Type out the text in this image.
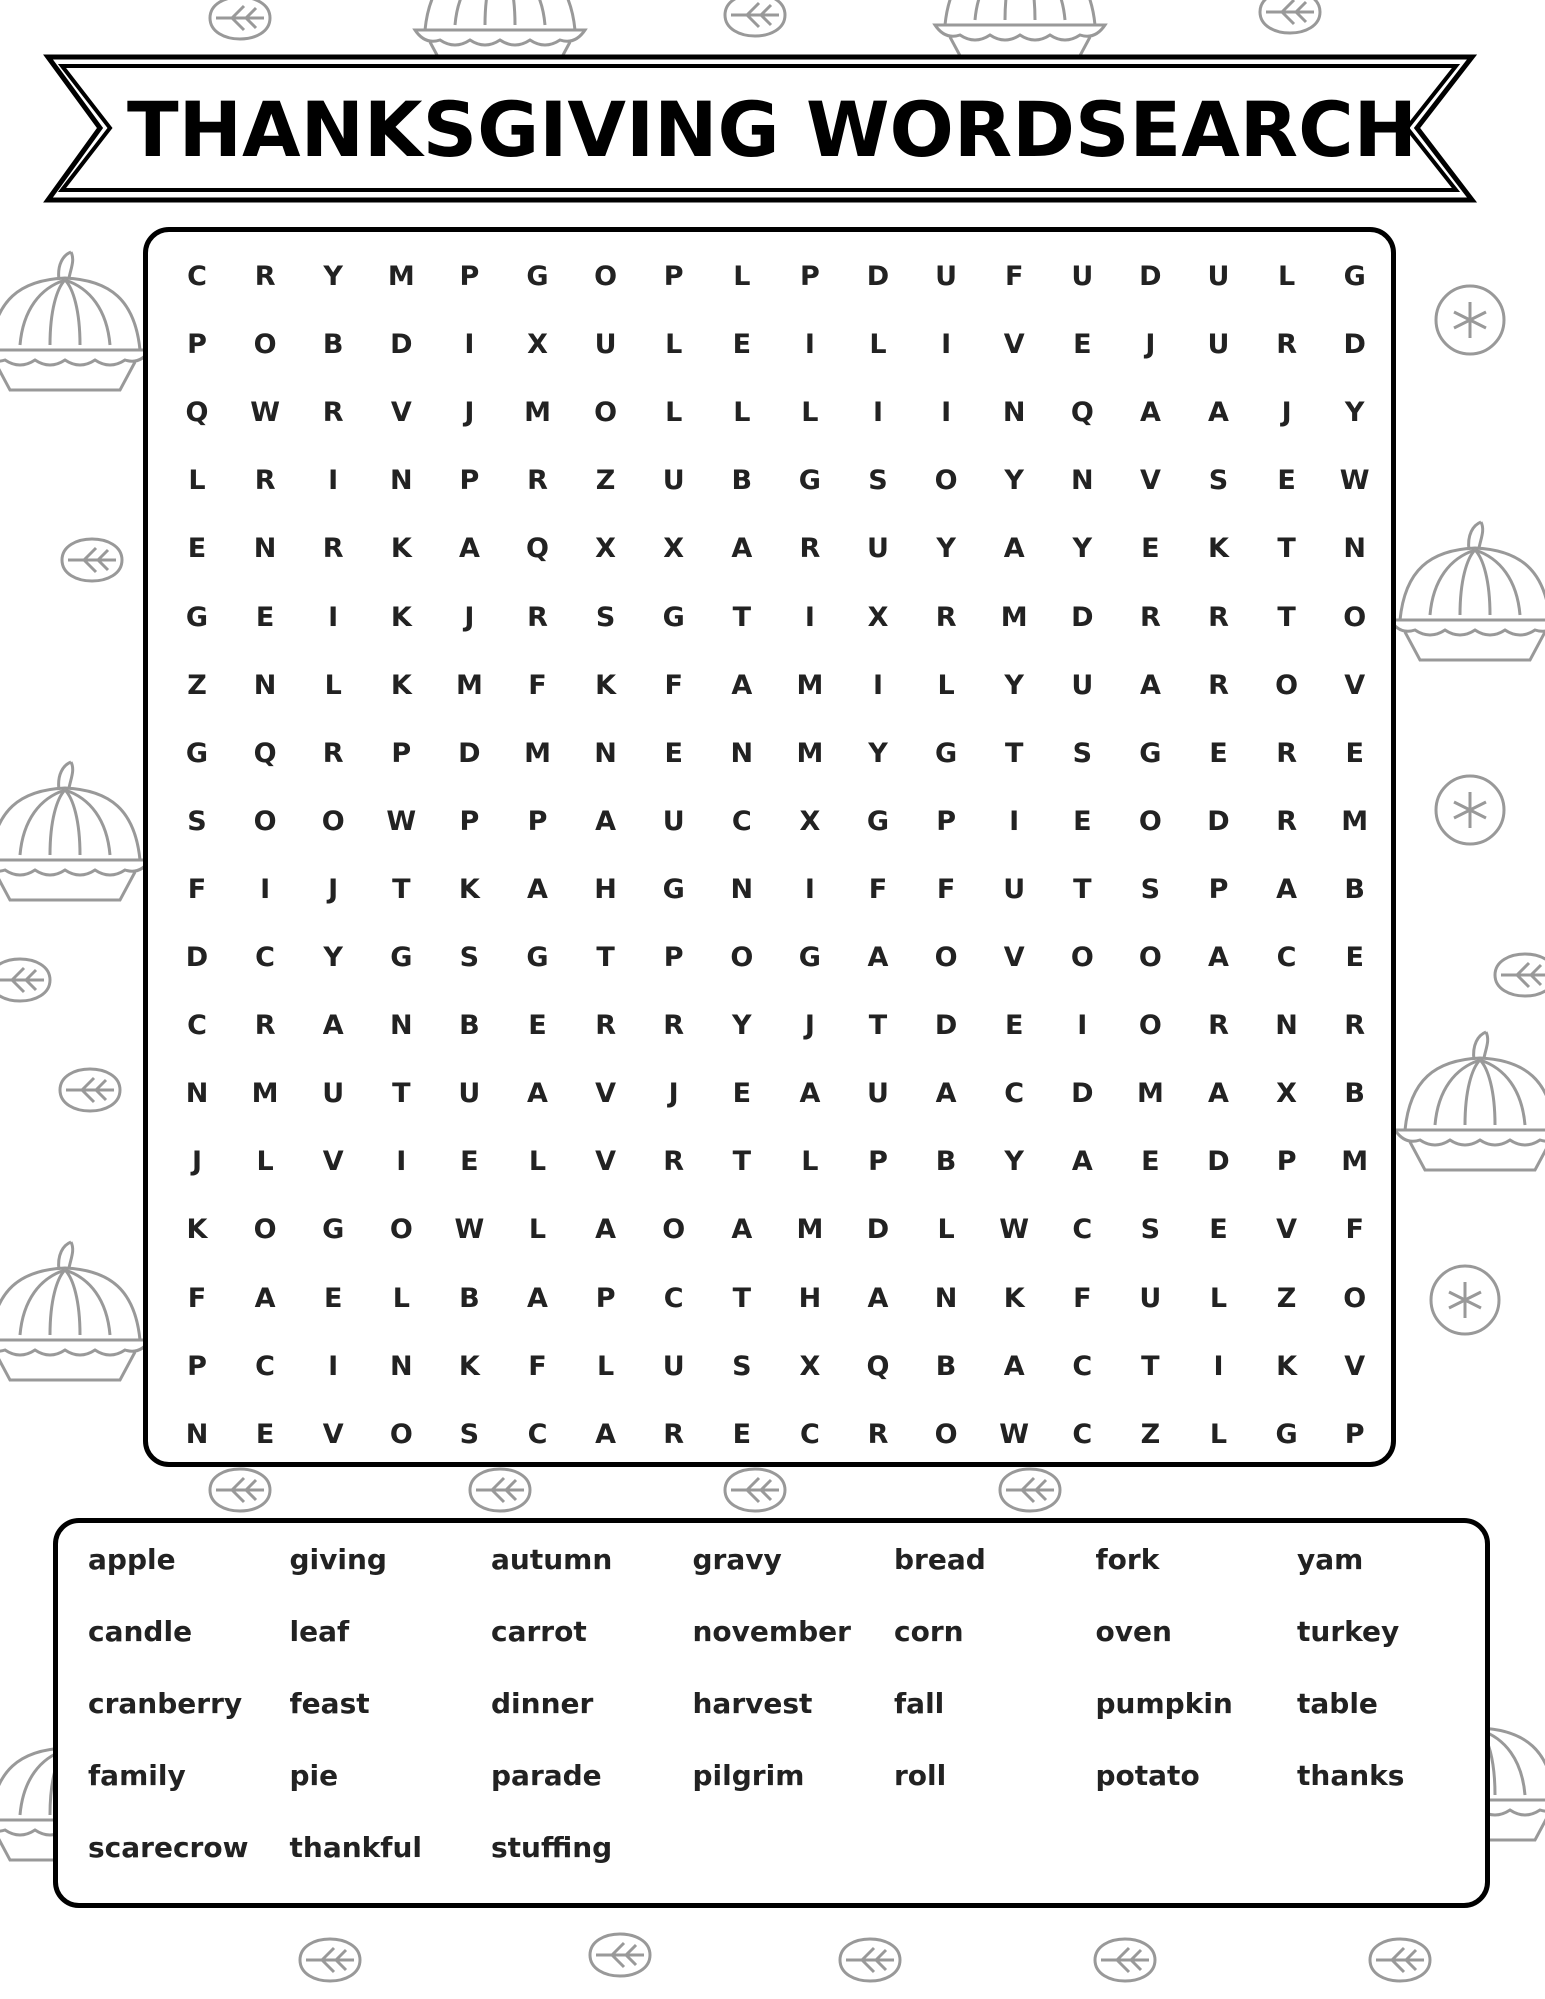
THANKSGIVING WORDSEARCH
C	R	Y	M	P	G	O	P	L	P	D	U	F	U	D	U	L	G
P	O	B	D	I	X	U	L	E	I	L	I	V	E	J	U	R	D
Q	W	R	V	J	M	O	L	L	L	I	I	N	Q	A	A	J	Y
L	R	I	N	P	R	Z	U	B	G	S	O	Y	N	V	S	E	W
E	N	R	K	A	Q	X	X	A	R	U	Y	A	Y	E	K	T	N
G	E	I	K	J	R	S	G	T	I	X	R	M	D	R	R	T	O
Z	N	L	K	M	F	K	F	A	M	I	L	Y	U	A	R	O	V
G	Q	R	P	D	M	N	E	N	M	Y	G	T	S	G	E	R	E
S	O	O	W	P	P	A	U	C	X	G	P	I	E	O	D	R	M
F	I	J	T	K	A	H	G	N	I	F	F	U	T	S	P	A	B
D	C	Y	G	S	G	T	P	O	G	A	O	V	O	O	A	C	E
C	R	A	N	B	E	R	R	Y	J	T	D	E	I	O	R	N	R
N	M	U	T	U	A	V	J	E	A	U	A	C	D	M	A	X	B
J	L	V	I	E	L	V	R	T	L	P	B	Y	A	E	D	P	M
K	O	G	O	W	L	A	O	A	M	D	L	W	C	S	E	V	F
F	A	E	L	B	A	P	C	T	H	A	N	K	F	U	L	Z	O
P	C	I	N	K	F	L	U	S	X	Q	B	A	C	T	I	K	V
N	E	V	O	S	C	A	R	E	C	R	O	W	C	Z	L	G	P
apple	giving	autumn	gravy	bread	fork	yam
candle	leaf	carrot	november corn	oven	turkey
cranberry feast	dinner	harvest	fall	pumpkin table
family	pie	parade	pilgrim	roll	potato	thanks
scarecrow thankful stuffing
